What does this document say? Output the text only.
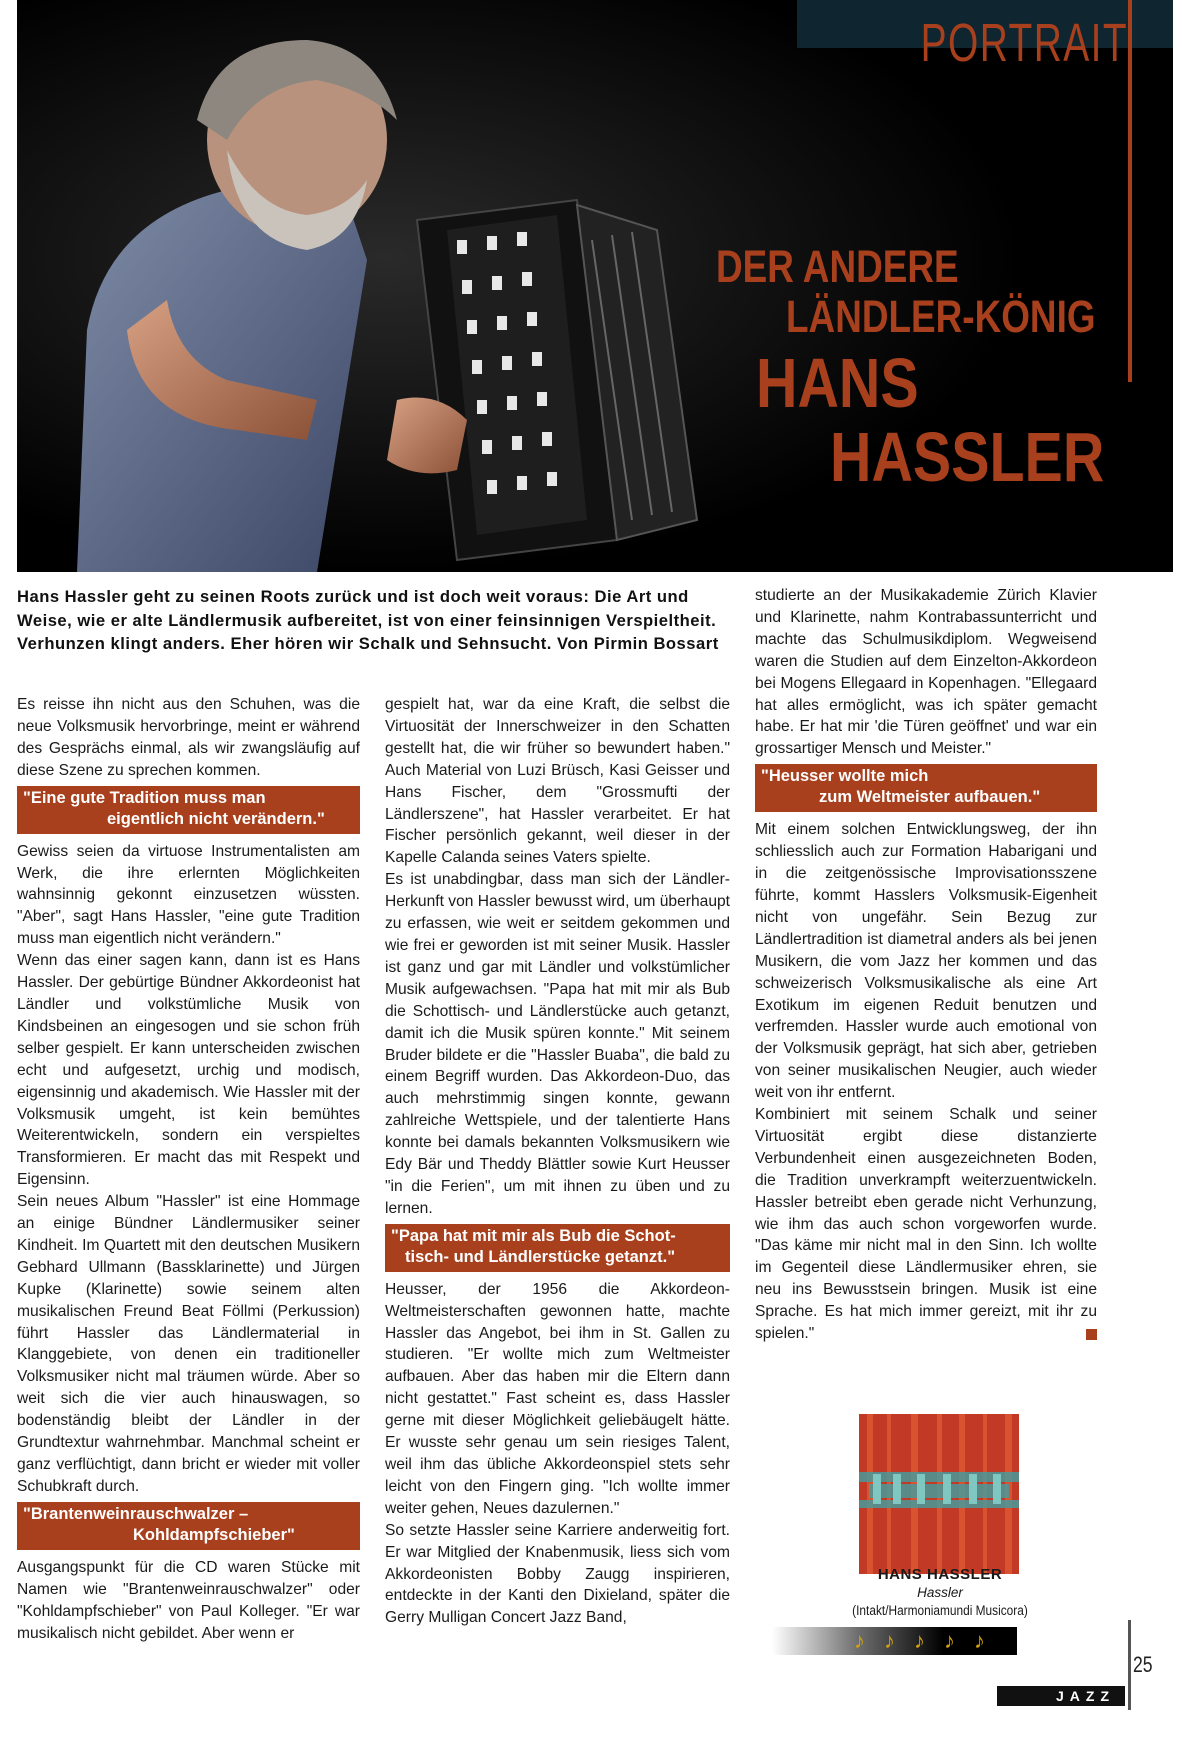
PORTRAIT
DER ANDERE
LÄNDLER-KÖNIG
HANS
HASSLER
Hans Hassler geht zu seinen Roots zurück und ist doch weit voraus: Die Art und Weise, wie er alte Ländlermusik aufbereitet, ist von einer feinsinnigen Verspieltheit. Verhunzen klingt anders. Eher hören wir Schalk und Sehnsucht. Von Pirmin Bossart

Es reisse ihn nicht aus den Schuhen, was die neue Volksmusik hervorbringe, meint er während des Gesprächs einmal, als wir zwangsläufig auf diese Szene zu sprechen kommen.

"Eine gute Tradition muss man
eigentlich nicht verändern."

Gewiss seien da virtuose Instrumentalisten am Werk, die ihre erlernten Möglichkeiten wahnsinnig gekonnt einzusetzen wüssten. "Aber", sagt Hans Hassler, "eine gute Tradition muss man eigentlich nicht verändern."

Wenn das einer sagen kann, dann ist es Hans Hassler. Der gebürtige Bündner Akkordeonist hat Ländler und volkstümliche Musik von Kindsbeinen an eingesogen und sie schon früh selber gespielt. Er kann unterscheiden zwischen echt und aufgesetzt, urchig und modisch, eigensinnig und akademisch. Wie Hassler mit der Volksmusik umgeht, ist kein bemühtes Weiterentwickeln, sondern ein verspieltes Transformieren. Er macht das mit Respekt und Eigensinn.

Sein neues Album "Hassler" ist eine Hommage an einige Bündner Ländlermusiker seiner Kindheit. Im Quartett mit den deutschen Musikern Gebhard Ullmann (Bassklarinette) und Jürgen Kupke (Klarinette) sowie seinem alten musikalischen Freund Beat Föllmi (Perkussion) führt Hassler das Ländlermaterial in Klanggebiete, von denen ein traditioneller Volksmusiker nicht mal träumen würde. Aber so weit sich die vier auch hinauswagen, so bodenständig bleibt der Ländler in der Grundtextur wahrnehmbar. Manchmal scheint er ganz verflüchtigt, dann bricht er wieder mit voller Schubkraft durch.

"Brantenweinrauschwalzer –
Kohldampfschieber"

Ausgangspunkt für die CD waren Stücke mit Namen wie "Brantenweinrauschwalzer" oder "Kohldampfschieber" von Paul Kolleger. "Er war musikalisch nicht gebildet. Aber wenn er

gespielt hat, war da eine Kraft, die selbst die Virtuosität der Innerschweizer in den Schatten gestellt hat, die wir früher so bewundert haben." Auch Material von Luzi Brüsch, Kasi Geisser und Hans Fischer, dem "Grossmufti der Ländlerszene", hat Hassler verarbeitet. Er hat Fischer persönlich gekannt, weil dieser in der Kapelle Calanda seines Vaters spielte.

Es ist unabdingbar, dass man sich der Ländler-Herkunft von Hassler bewusst wird, um überhaupt zu erfassen, wie weit er seitdem gekommen und wie frei er geworden ist mit seiner Musik. Hassler ist ganz und gar mit Ländler und volkstümlicher Musik aufgewachsen. "Papa hat mit mir als Bub die Schottisch- und Ländlerstücke auch getanzt, damit ich die Musik spüren konnte." Mit seinem Bruder bildete er die "Hassler Buaba", die bald zu einem Begriff wurden. Das Akkordeon-Duo, das auch mehrstimmig singen konnte, gewann zahlreiche Wettspiele, und der talentierte Hans konnte bei damals bekannten Volksmusikern wie Edy Bär und Theddy Blättler sowie Kurt Heusser "in die Ferien", um mit ihnen zu üben und zu lernen.

"Papa hat mit mir als Bub die Schot-
tisch- und Ländlerstücke getanzt."

Heusser, der 1956 die Akkordeon-Weltmeisterschaften gewonnen hatte, machte Hassler das Angebot, bei ihm in St. Gallen zu studieren. "Er wollte mich zum Weltmeister aufbauen. Aber das haben mir die Eltern dann nicht gestattet." Fast scheint es, dass Hassler gerne mit dieser Möglichkeit geliebäugelt hätte. Er wusste sehr genau um sein riesiges Talent, weil ihm das übliche Akkordeonspiel stets sehr leicht von den Fingern ging. "Ich wollte immer weiter gehen, Neues dazulernen."

So setzte Hassler seine Karriere anderweitig fort. Er war Mitglied der Knabenmusik, liess sich vom Akkordeonisten Bobby Zaugg inspirieren, entdeckte in der Kanti den Dixieland, später die Gerry Mulligan Concert Jazz Band,

studierte an der Musikakademie Zürich Klavier und Klarinette, nahm Kontrabassunterricht und machte das Schulmusikdiplom. Wegweisend waren die Studien auf dem Einzelton-Akkordeon bei Mogens Ellegaard in Kopenhagen. "Ellegaard hat alles ermöglicht, was ich später gemacht habe. Er hat mir 'die Türen geöffnet' und war ein grossartiger Mensch und Meister."

"Heusser wollte mich
zum Weltmeister aufbauen."

Mit einem solchen Entwicklungsweg, der ihn schliesslich auch zur Formation Habarigani und in die zeitgenössische Improvisationsszene führte, kommt Hasslers Volksmusik-Eigenheit nicht von ungefähr. Sein Bezug zur Ländlertradition ist diametral anders als bei jenen Musikern, die vom Jazz her kommen und das schweizerisch Volksmusikalische als eine Art Exotikum im eigenen Reduit benutzen und verfremden. Hassler wurde auch emotional von der Volksmusik geprägt, hat sich aber, getrieben von seiner musikalischen Neugier, auch wieder weit von ihr entfernt.

Kombiniert mit seinem Schalk und seiner Virtuosität ergibt diese distanzierte Verbundenheit einen ausgezeichneten Boden, die Tradition unverkrampft weiterzuentwickeln. Hassler betreibt eben gerade nicht Verhunzung, wie ihm das auch schon vorgeworfen wurde. "Das käme mir nicht mal in den Sinn. Ich wollte im Gegenteil diese Ländlermusiker ehren, sie neu ins Bewusstsein bringen. Musik ist eine Sprache. Es hat mich immer gereizt, mit ihr zu spielen."

HANS HASSLER
Hassler
(Intakt/Harmoniamundi Musicora)
♪ ♪ ♪ ♪ ♪
25
JAZZ
